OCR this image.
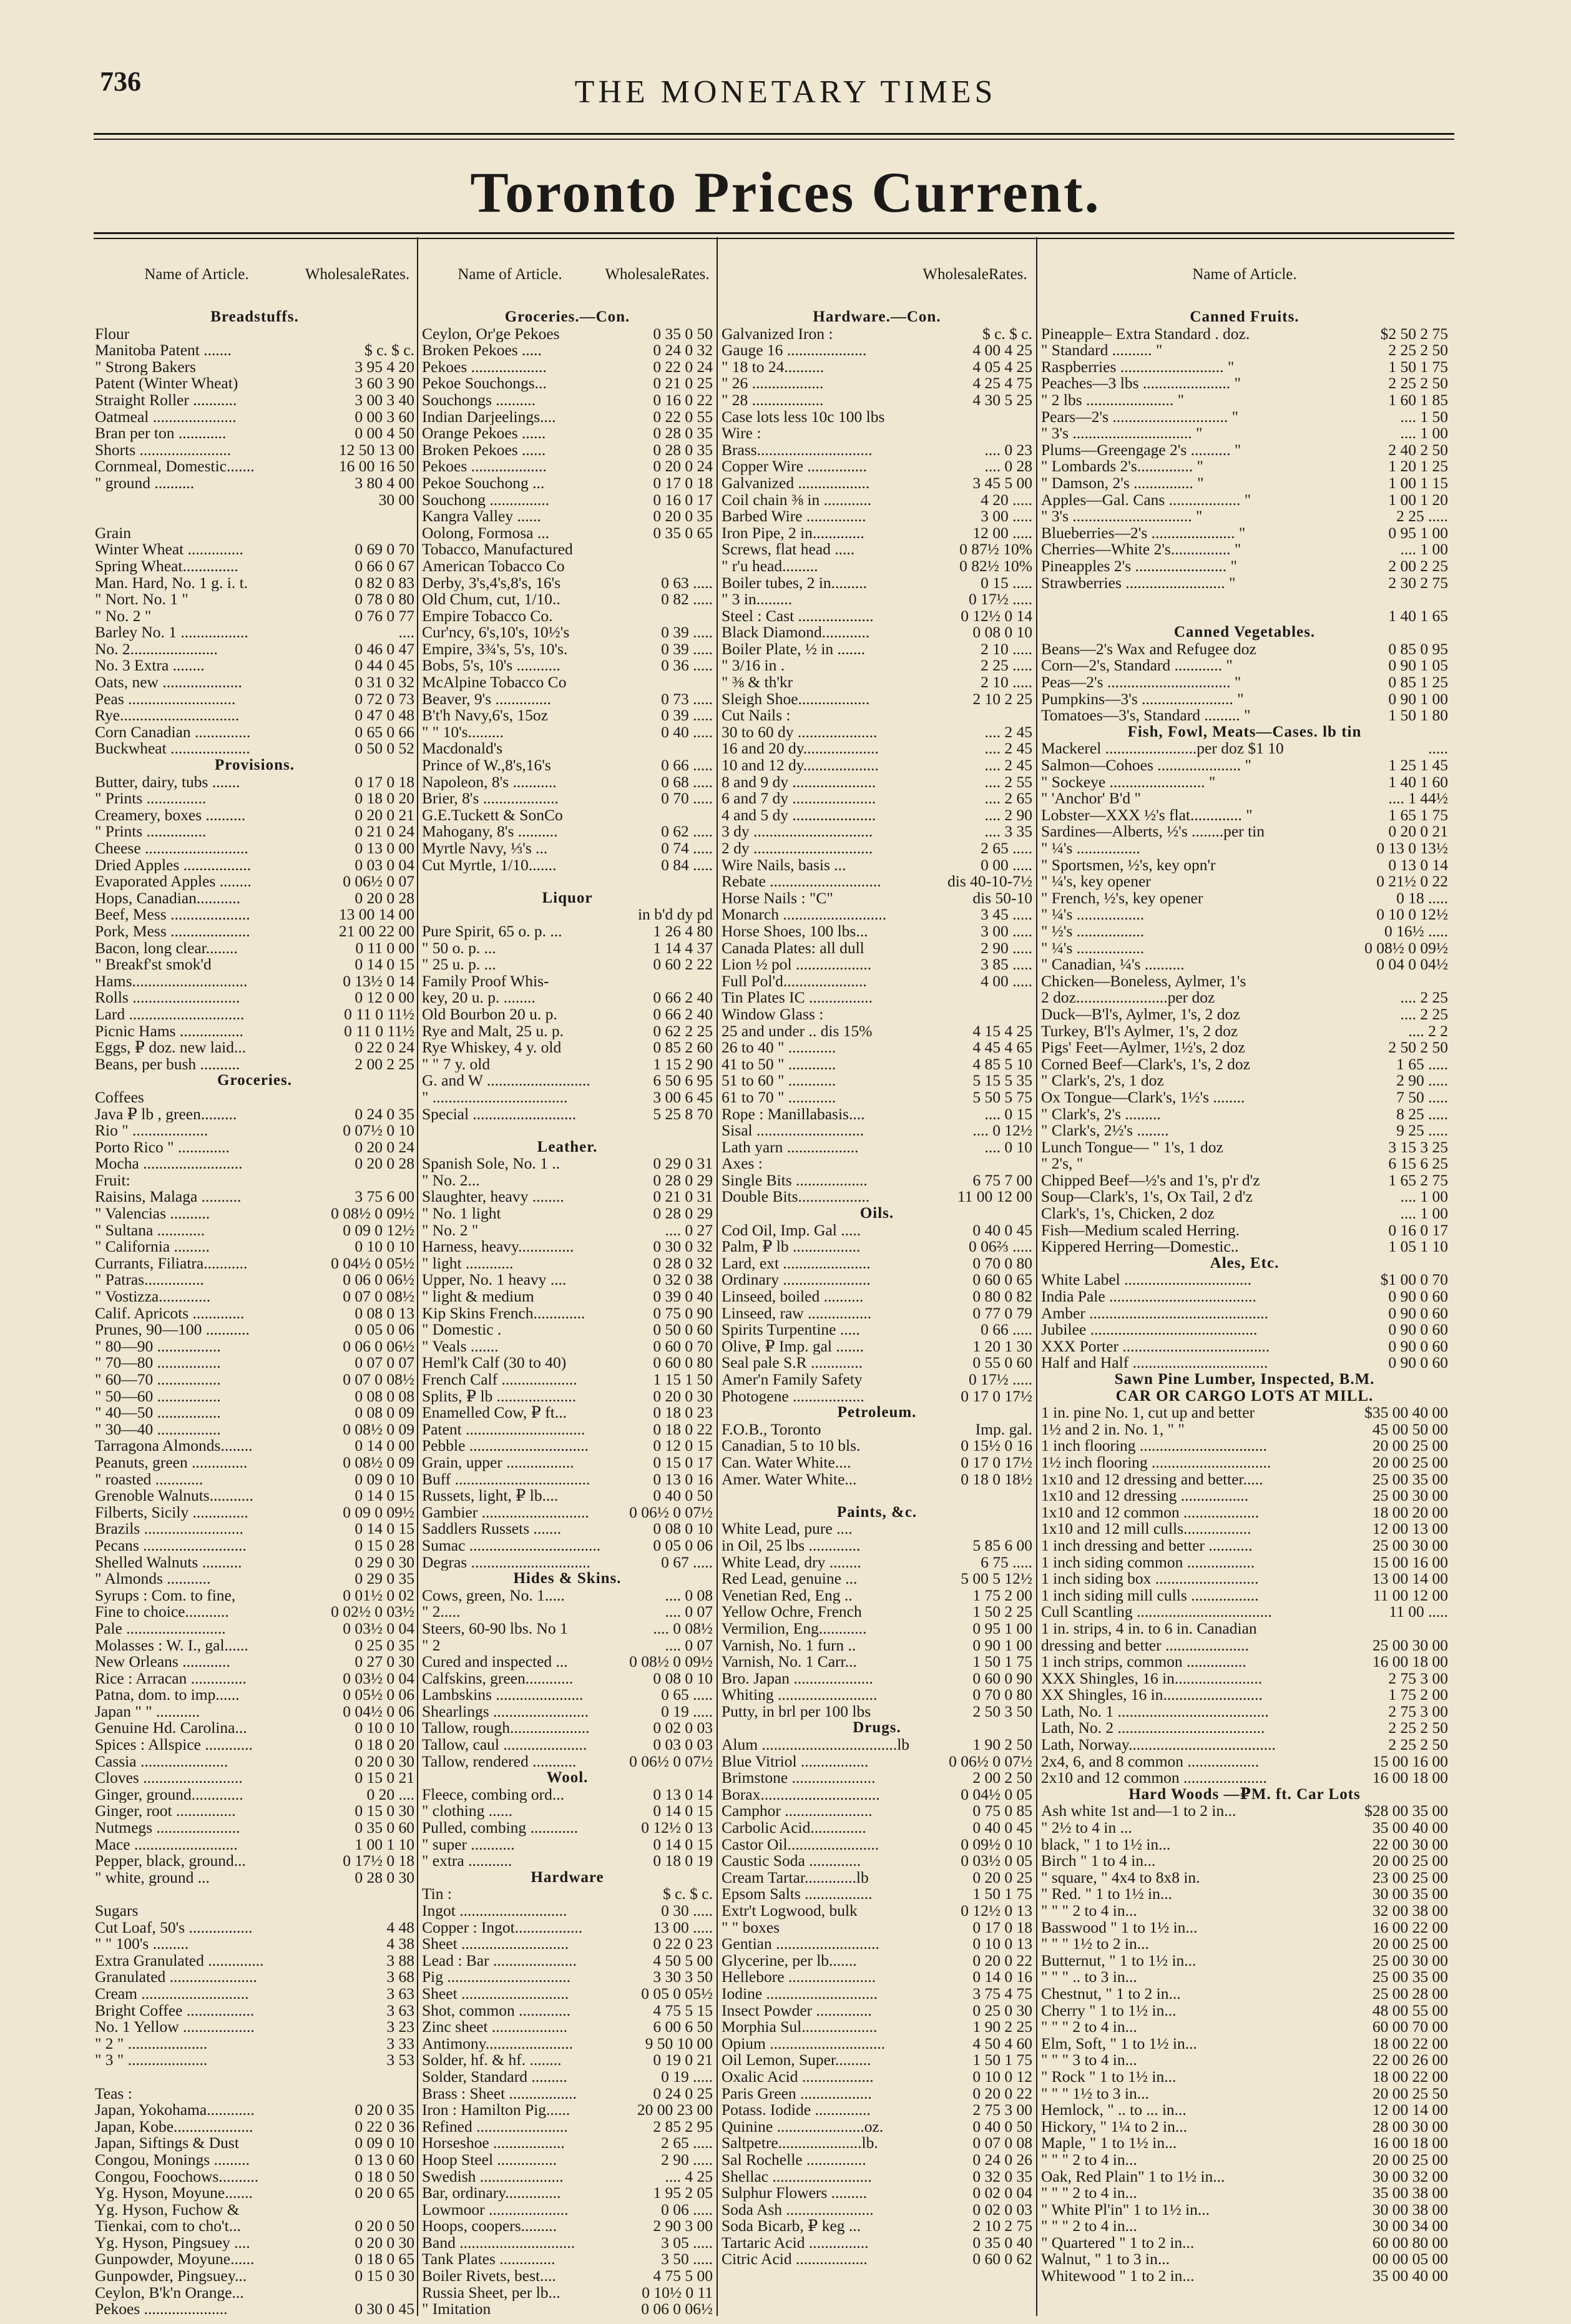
736	THE MONETARY TIMES
Toronto Prices Current.
Name of Article.	Wholesale Rates.	Name of Article.	Wholesale Rates.	Wholesale Rates.	Name of Article.
Breadstuffs.
Flour
Manitoba Patent .......	$ c. $ c.
" Strong Bakers	3 95 4 20
Patent (Winter Wheat)	3 60 3 90
Straight Roller ...........	3 00 3 40
Oatmeal .....................	0 00 3 60
Bran per ton ............	0 00 4 50
Shorts .......................	12 50 13 00
Cornmeal, Domestic.......	16 00 16 50
" ground ..........	3 80 4 00
30 00
Grain
Winter Wheat ..............	0 69 0 70
Spring Wheat..............	0 66 0 67
Man. Hard, No. 1 g. i. t.	0 82 0 83
" Nort. No. 1 "	0 78 0 80
" No. 2 "	0 76 0 77
Barley No. 1 .................	....
No. 2......................	0 46 0 47
No. 3 Extra ........	0 44 0 45
Oats, new ....................	0 31 0 32
Peas ...........................	0 72 0 73
Rye..............................	0 47 0 48
Corn Canadian ..............	0 65 0 66
Buckwheat ....................	0 50 0 52
Provisions.
Butter, dairy, tubs .......	0 17 0 18
" Prints ...............	0 18 0 20
Creamery, boxes ..........	0 20 0 21
" Prints ...............	0 21 0 24
Cheese ..........................	0 13 0 00
Dried Apples .................	0 03 0 04
Evaporated Apples ........	0 06½ 0 07
Hops, Canadian...........	0 20 0 28
Beef, Mess ....................	13 00 14 00
Pork, Mess ....................	21 00 22 00
Bacon, long clear........	0 11 0 00
" Breakf'st smok'd	0 14 0 15
Hams.............................	0 13½ 0 14
Rolls ...........................	0 12 0 00
Lard .............................	0 11 0 11½
Picnic Hams ................	0 11 0 11½
Eggs, ₽ doz. new laid...	0 22 0 24
Beans, per bush ..........	2 00 2 25
Groceries.
Coffees
Java ₽ lb , green.........	0 24 0 35
Rio " ...................	0 07½ 0 10
Porto Rico " .............	0 20 0 24
Mocha .........................	0 20 0 28
Fruit:
Raisins, Malaga ..........	3 75 6 00
" Valencias ..........	0 08½ 0 09½
" Sultana ............	0 09 0 12½
" California .........	0 10 0 10
Currants, Filiatra...........	0 04½ 0 05½
" Patras...............	0 06 0 06½
" Vostizza.............	0 07 0 08½
Calif. Apricots .............	0 08 0 13
Prunes, 90—100 ...........	0 05 0 06
" 80—90 ................	0 06 0 06½
" 70—80 ................	0 07 0 07
" 60—70 ................	0 07 0 08½
" 50—60 ................	0 08 0 08
" 40—50 ................	0 08 0 09
" 30—40 ................	0 08½ 0 09
Tarragona Almonds........	0 14 0 00
Peanuts, green ..............	0 08½ 0 09
" roasted ............	0 09 0 10
Grenoble Walnuts...........	0 14 0 15
Filberts, Sicily ..............	0 09 0 09½
Brazils .........................	0 14 0 15
Pecans ..........................	0 15 0 28
Shelled Walnuts ..........	0 29 0 30
" Almonds ...........	0 29 0 35
Syrups : Com. to fine,	0 01½ 0 02
Fine to choice...........	0 02½ 0 03½
Pale .........................	0 03½ 0 04
Molasses : W. I., gal......	0 25 0 35
New Orleans ............	0 27 0 30
Rice : Arracan ..............	0 03½ 0 04
Patna, dom. to imp......	0 05½ 0 06
Japan " " ...........	0 04½ 0 06
Genuine Hd. Carolina...	0 10 0 10
Spices : Allspice ............	0 18 0 20
Cassia ......................	0 20 0 30
Cloves .........................	0 15 0 21
Ginger, ground.............	0 20 ....
Ginger, root ...............	0 15 0 30
Nutmegs .....................	0 35 0 60
Mace ..........................	1 00 1 10
Pepper, black, ground...	0 17½ 0 18
" white, ground ...	0 28 0 30
Sugars
Cut Loaf, 50's ................	4 48
" " 100's .........	4 38
Extra Granulated ..............	3 88
Granulated ......................	3 68
Cream ...........................	3 63
Bright Coffee .................	3 63
No. 1 Yellow ..................	3 23
" 2 " ....................	3 33
" 3 " ....................	3 53
Teas :
Japan, Yokohama............	0 20 0 35
Japan, Kobe....................	0 22 0 36
Japan, Siftings & Dust	0 09 0 10
Congou, Monings .........	0 13 0 60
Congou, Foochows..........	0 18 0 50
Yg. Hyson, Moyune.......	0 20 0 65
Yg. Hyson, Fuchow &
Tienkai, com to cho't...	0 20 0 50
Yg. Hyson, Pingsuey ....	0 20 0 30
Gunpowder, Moyune......	0 18 0 65
Gunpowder, Pingsuey...	0 15 0 30
Ceylon, B'k'n Orange...
Pekoes .....................	0 30 0 45
Groceries.—Con.
Ceylon, Or'ge Pekoes	0 35 0 50
Broken Pekoes .....	0 24 0 32
Pekoes ...................	0 22 0 24
Pekoe Souchongs...	0 21 0 25
Souchongs ..........	0 16 0 22
Indian Darjeelings....	0 22 0 55
Orange Pekoes ......	0 28 0 35
Broken Pekoes ......	0 28 0 35
Pekoes ...................	0 20 0 24
Pekoe Souchong ...	0 17 0 18
Souchong ...............	0 16 0 17
Kangra Valley ......	0 20 0 35
Oolong, Formosa ...	0 35 0 65
Tobacco, Manufactured
American Tobacco Co
Derby, 3's,4's,8's, 16's	0 63 .....
Old Chum, cut, 1/10..	0 82 .....
Empire Tobacco Co.
Cur'ncy, 6's,10's, 10½'s	0 39 .....
Empire, 3¾'s, 5's, 10's.	0 39 .....
Bobs, 5's, 10's ...........	0 36 .....
McAlpine Tobacco Co
Beaver, 9's ..............	0 73 .....
B't'h Navy,6's, 15oz	0 39 .....
" " 10's.........	0 40 .....
Macdonald's
Prince of W.,8's,16's	0 66 .....
Napoleon, 8's ...........	0 68 .....
Brier, 8's ...................	0 70 .....
G.E.Tuckett & SonCo
Mahogany, 8's ..........	0 62 .....
Myrtle Navy, ⅓'s ...	0 74 .....
Cut Myrtle, 1/10.......	0 84 .....
Liquor
in b'd dy pd
Pure Spirit, 65 o. p. ...	1 26 4 80
" 50 o. p. ...	1 14 4 37
" 25 u. p. ...	0 60 2 22
Family Proof Whis-
key, 20 u. p. ........	0 66 2 40
Old Bourbon 20 u. p.	0 66 2 40
Rye and Malt, 25 u. p.	0 62 2 25
Rye Whiskey, 4 y. old	0 85 2 60
" " 7 y. old	1 15 2 90
G. and W ..........................	6 50 6 95
" ..................................	3 00 6 45
Special ..........................	5 25 8 70
Leather.
Spanish Sole, No. 1 ..	0 29 0 31
" No. 2...	0 28 0 29
Slaughter, heavy ........	0 21 0 31
" No. 1 light	0 28 0 29
" No. 2 "	.... 0 27
Harness, heavy..............	0 30 0 32
" light ............	0 28 0 32
Upper, No. 1 heavy ....	0 32 0 38
" light & medium	0 39 0 40
Kip Skins French.............	0 75 0 90
" Domestic .	0 50 0 60
" Veals .......	0 60 0 70
Heml'k Calf (30 to 40)	0 60 0 80
French Calf ...................	1 15 1 50
Splits, ₽ lb ....................	0 20 0 30
Enamelled Cow, ₽ ft...	0 18 0 23
Patent ..............................	0 18 0 22
Pebble ..............................	0 12 0 15
Grain, upper .................	0 15 0 17
Buff ..................................	0 13 0 16
Russets, light, ₽ lb....	0 40 0 50
Gambier ...........................	0 06½ 0 07½
Saddlers Russets .......	0 08 0 10
Sumac .................................	0 05 0 06
Degras ..............................	0 67 .....
Hides & Skins.
Cows, green, No. 1.....	.... 0 08
" 2.....	.... 0 07
Steers, 60-90 lbs. No 1	.... 0 08½
" 2	.... 0 07
Cured and inspected ...	0 08½ 0 09½
Calfskins, green............	0 08 0 10
Lambskins ......................	0 65 .....
Shearlings ........................	0 19 .....
Tallow, rough....................	0 02 0 03
Tallow, caul .....................	0 03 0 03
Tallow, rendered ...........	0 06½ 0 07½
Wool.
Fleece, combing ord...	0 13 0 14
" clothing ......	0 14 0 15
Pulled, combing ............	0 12½ 0 13
" super ...........	0 14 0 15
" extra ...........	0 18 0 19
Hardware
Tin :	$ c. $ c.
Ingot ...........................	0 30 .....
Copper : Ingot.................	13 00 .....
Sheet ...........................	0 22 0 23
Lead : Bar .....................	4 50 5 00
Pig ...............................	3 30 3 50
Sheet ...........................	0 05 0 05½
Shot, common .............	4 75 5 15
Zinc sheet ...................	6 00 6 50
Antimony......................	9 50 10 00
Solder, hf. & hf. ........	0 19 0 21
Solder, Standard .........	0 19 .....
Brass : Sheet .................	0 24 0 25
Iron : Hamilton Pig......	20 00 23 00
Refined .......................	2 85 2 95
Horseshoe ..................	2 65 .....
Hoop Steel ...............	2 90 .....
Swedish .....................	.... 4 25
Bar, ordinary..............	1 95 2 05
Lowmoor ....................	0 06 .....
Hoops, coopers.........	2 90 3 00
Band .............................	3 05 .....
Tank Plates ..............	3 50 .....
Boiler Rivets, best....	4 75 5 00
Russia Sheet, per lb...	0 10½ 0 11
" Imitation	0 06 0 06½
Hardware.—Con.
Galvanized Iron :	$ c. $ c.
Gauge 16 ....................	4 00 4 25
" 18 to 24..........	4 05 4 25
" 26 ..................	4 25 4 75
" 28 ..................	4 30 5 25
Case lots less 10c 100 lbs
Wire :
Brass.............................	.... 0 23
Copper Wire ...............	.... 0 28
Galvanized ..................	3 45 5 00
Coil chain ⅜ in ............	4 20 .....
Barbed Wire ...............	3 00 .....
Iron Pipe, 2 in.............	12 00 .....
Screws, flat head .....	0 87½ 10%
" r'u head.........	0 82½ 10%
Boiler tubes, 2 in.........	0 15 .....
" 3 in.........	0 17½ .....
Steel : Cast ...................	0 12½ 0 14
Black Diamond............	0 08 0 10
Boiler Plate, ½ in .......	2 10 .....
" 3/16 in .	2 25 .....
" ⅜ & th'kr	2 10 .....
Sleigh Shoe..................	2 10 2 25
Cut Nails :
30 to 60 dy ....................	.... 2 45
16 and 20 dy...................	.... 2 45
10 and 12 dy...................	.... 2 45
8 and 9 dy .....................	.... 2 55
6 and 7 dy .....................	.... 2 65
4 and 5 dy .....................	.... 2 90
3 dy ..............................	.... 3 35
2 dy ..............................	2 65 .....
Wire Nails, basis ...	0 00 .....
Rebate ............................	dis 40-10-7½
Horse Nails : "C"	dis 50-10
Monarch ..........................	3 45 .....
Horse Shoes, 100 lbs...	3 00 .....
Canada Plates: all dull	2 90 .....
Lion ½ pol ...................	3 85 .....
Full Pol'd.....................	4 00 .....
Tin Plates IC ................
Window Glass :
25 and under .. dis 15%	4 15 4 25
26 to 40 " ............	4 45 4 65
41 to 50 " ............	4 85 5 10
51 to 60 " ............	5 15 5 35
61 to 70 " ............	5 50 5 75
Rope : Manillabasis....	.... 0 15
Sisal ...........................	.... 0 12½
Lath yarn ..................	.... 0 10
Axes :
Single Bits ..................	6 75 7 00
Double Bits..................	11 00 12 00
Oils.
Cod Oil, Imp. Gal .....	0 40 0 45
Palm, ₽ lb .................	0 06⅔ .....
Lard, ext ......................	0 70 0 80
Ordinary ......................	0 60 0 65
Linseed, boiled ..........	0 80 0 82
Linseed, raw ................	0 77 0 79
Spirits Turpentine .....	0 66 .....
Olive, ₽ Imp. gal .......	1 20 1 30
Seal pale S.R .............	0 55 0 60
Amer'n Family Safety	0 17½ .....
Photogene ..................	0 17 0 17½
Petroleum.
F.O.B., Toronto	Imp. gal.
Canadian, 5 to 10 bls.	0 15½ 0 16
Can. Water White....	0 17 0 17½
Amer. Water White...	0 18 0 18½
Paints, &c.
White Lead, pure ....
in Oil, 25 lbs .............	5 85 6 00
White Lead, dry ........	6 75 .....
Red Lead, genuine ...	5 00 5 12½
Venetian Red, Eng ..	1 75 2 00
Yellow Ochre, French	1 50 2 25
Vermilion, Eng............	0 95 1 00
Varnish, No. 1 furn ..	0 90 1 00
Varnish, No. 1 Carr...	1 50 1 75
Bro. Japan ....................	0 60 0 90
Whiting .........................	0 70 0 80
Putty, in brl per 100 lbs	2 50 3 50
Drugs.
Alum ..................................lb	1 90 2 50
Blue Vitriol .................	0 06½ 0 07½
Brimstone .....................	2 00 2 50
Borax..............................	0 04½ 0 05
Camphor ......................	0 75 0 85
Carbolic Acid..............	0 40 0 45
Castor Oil.......................	0 09½ 0 10
Caustic Soda .............	0 03½ 0 05
Cream Tartar.............lb	0 20 0 25
Epsom Salts .................	1 50 1 75
Extr't Logwood, bulk	0 12½ 0 13
" " boxes	0 17 0 18
Gentian ..........................	0 10 0 13
Glycerine, per lb.......	0 20 0 22
Hellebore ......................	0 14 0 16
Iodine ............................	3 75 4 75
Insect Powder ..............	0 25 0 30
Morphia Sul...................	1 90 2 25
Opium .............................	4 50 4 60
Oil Lemon, Super.........	1 50 1 75
Oxalic Acid ..................	0 10 0 12
Paris Green ..................	0 20 0 22
Potass. Iodide ..............	2 75 3 00
Quinine ......................oz.	0 40 0 50
Saltpetre.....................lb.	0 07 0 08
Sal Rochelle ...............	0 24 0 26
Shellac .........................	0 32 0 35
Sulphur Flowers .........	0 02 0 04
Soda Ash ......................	0 02 0 03
Soda Bicarb, ₽ keg ...	2 10 2 75
Tartaric Acid ...............	0 35 0 40
Citric Acid ..................	0 60 0 62
Canned Fruits.
Pineapple– Extra Standard . doz.	$2 50 2 75
" Standard .......... "	2 25 2 50
Raspberries .......................... "	1 50 1 75
Peaches—3 lbs ...................... "	2 25 2 50
" 2 lbs ...................... "	1 60 1 85
Pears—2's ............................. "	.... 1 50
" 3's .............................. "	.... 1 00
Plums—Greengage 2's .......... "	2 40 2 50
" Lombards 2's.............. "	1 20 1 25
" Damson, 2's ............... "	1 00 1 15
Apples—Gal. Cans .................. "	1 00 1 20
" 3's .............................. "	2 25 .....
Blueberries—2's ..................... "	0 95 1 00
Cherries—White 2's............... "	.... 1 00
Pineapples 2's ....................... "	2 00 2 25
Strawberries ......................... "	2 30 2 75
1 40 1 65
Canned Vegetables.
Beans—2's Wax and Refugee doz	0 85 0 95
Corn—2's, Standard ............ "	0 90 1 05
Peas—2's ............................... "	0 85 1 25
Pumpkins—3's ....................... "	0 90 1 00
Tomatoes—3's, Standard ......... "	1 50 1 80
Fish, Fowl, Meats—Cases. lb tin
Mackerel .......................per doz $1 10	.....
Salmon—Cohoes ..................... "	1 25 1 45
" Sockeye ........................ "	1 40 1 60
" 'Anchor' B'd "	.... 1 44½
Lobster—XXX ½'s flat............. "	1 65 1 75
Sardines—Alberts, ½'s ........per tin	0 20 0 21
" ¼'s ................	0 13 0 13½
" Sportsmen, ½'s, key opn'r	0 13 0 14
" ¼'s, key opener	0 21½ 0 22
" French, ½'s, key opener	0 18 .....
" ¼'s .................	0 10 0 12½
" ½'s .................	0 16½ .....
" ¼'s .................	0 08½ 0 09½
" Canadian, ¼'s ..........	0 04 0 04½
Chicken—Boneless, Aylmer, 1's
2 doz.......................per doz	.... 2 25
Duck—B'l's, Aylmer, 1's, 2 doz	.... 2 25
Turkey, B'l's Aylmer, 1's, 2 doz	.... 2 2
Pigs' Feet—Aylmer, 1½'s, 2 doz	2 50 2 50
Corned Beef—Clark's, 1's, 2 doz	1 65 .....
" Clark's, 2's, 1 doz	2 90 .....
Ox Tongue—Clark's, 1½'s ........	7 50 .....
" Clark's, 2's .........	8 25 .....
" Clark's, 2½'s ........	9 25 .....
Lunch Tongue— " 1's, 1 doz	3 15 3 25
" 2's, "	6 15 6 25
Chipped Beef—½'s and 1's, p'r d'z	1 65 2 75
Soup—Clark's, 1's, Ox Tail, 2 d'z	.... 1 00
Clark's, 1's, Chicken, 2 doz	.... 1 00
Fish—Medium scaled Herring.	0 16 0 17
Kippered Herring—Domestic..	1 05 1 10
Ales, Etc.
White Label ................................	$1 00 0 70
India Pale .....................................	0 90 0 60
Amber .............................................	0 90 0 60
Jubilee ..........................................	0 90 0 60
XXX Porter .....................................	0 90 0 60
Half and Half ..................................	0 90 0 60
Sawn Pine Lumber, Inspected, B.M.
CAR OR CARGO LOTS AT MILL.
1 in. pine No. 1, cut up and better	$35 00 40 00
1½ and 2 in. No. 1, " "	45 00 50 00
1 inch flooring ................................	20 00 25 00
1½ inch flooring ..............................	20 00 25 00
1x10 and 12 dressing and better.....	25 00 35 00
1x10 and 12 dressing .................	25 00 30 00
1x10 and 12 common ...................	18 00 20 00
1x10 and 12 mill culls.................	12 00 13 00
1 inch dressing and better ...........	25 00 30 00
1 inch siding common .................	15 00 16 00
1 inch siding box ..........................	13 00 14 00
1 inch siding mill culls .................	11 00 12 00
Cull Scantling ..................................	11 00 .....
1 in. strips, 4 in. to 6 in. Canadian
dressing and better .....................	25 00 30 00
1 inch strips, common ...............	16 00 18 00
XXX Shingles, 16 in......................	2 75 3 00
XX Shingles, 16 in.........................	1 75 2 00
Lath, No. 1 ......................................	2 75 3 00
Lath, No. 2 .....................................	2 25 2 50
Lath, Norway.....................................	2 25 2 50
2x4, 6, and 8 common ..................	15 00 16 00
2x10 and 12 common .....................	16 00 18 00
Hard Woods —₽M. ft. Car Lots
Ash white 1st and—1 to 2 in...	$28 00 35 00
" 2½ to 4 in ...	35 00 40 00
black, " 1 to 1½ in...	22 00 30 00
Birch " 1 to 4 in...	20 00 25 00
" square, " 4x4 to 8x8 in.	23 00 25 00
" Red. " 1 to 1½ in...	30 00 35 00
" " " 2 to 4 in...	32 00 38 00
Basswood " 1 to 1½ in...	16 00 22 00
" " " 1½ to 2 in...	20 00 25 00
Butternut, " 1 to 1½ in...	25 00 30 00
" " " .. to 3 in...	25 00 35 00
Chestnut, " 1 to 2 in...	25 00 28 00
Cherry " 1 to 1½ in...	48 00 55 00
" " " 2 to 4 in...	60 00 70 00
Elm, Soft, " 1 to 1½ in...	18 00 22 00
" " " 3 to 4 in...	22 00 26 00
" Rock " 1 to 1½ in...	18 00 22 00
" " " 1½ to 3 in...	20 00 25 50
Hemlock, " .. to ... in...	12 00 14 00
Hickory, " 1¼ to 2 in...	28 00 30 00
Maple, " 1 to 1½ in...	16 00 18 00
" " " 2 to 4 in...	20 00 25 00
Oak, Red Plain" 1 to 1½ in...	30 00 32 00
" " " 2 to 4 in...	35 00 38 00
" White Pl'in" 1 to 1½ in...	30 00 38 00
" " " 2 to 4 in...	30 00 34 00
" Quartered " 1 to 2 in...	60 00 80 00
Walnut, " 1 to 3 in...	00 00 05 00
Whitewood " 1 to 2 in...	35 00 40 00
